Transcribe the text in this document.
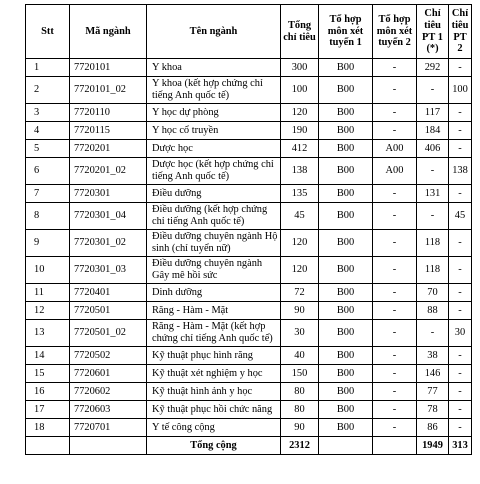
Stt	Mã ngành	Tên ngành	Tổng chỉ tiêu	Tổ hợp môn xét tuyển 1	Tổ hợp môn xét tuyển 2	Chỉ tiêu PT 1 (*)	Chỉ tiêu PT 2
1	7720101	Y khoa	300	B00	-	292	-
2	7720101_02	Y khoa (kết hợp chứng chỉ tiếng Anh quốc tế)	100	B00	-	-	100
3	7720110	Y học dự phòng	120	B00	-	117	-
4	7720115	Y học cổ truyền	190	B00	-	184	-
5	7720201	Dược học	412	B00	A00	406	-
6	7720201_02	Dược học (kết hợp chứng chỉ tiếng Anh quốc tế)	138	B00	A00	-	138
7	7720301	Điều dưỡng	135	B00	-	131	-
8	7720301_04	Điều dưỡng (kết hợp chứng chỉ tiếng Anh quốc tế)	45	B00	-	-	45
9	7720301_02	Điều dưỡng chuyên ngành Hộ sinh (chỉ tuyển nữ)	120	B00	-	118	-
10	7720301_03	Điều dưỡng chuyên ngành Gây mê hồi sức	120	B00	-	118	-
11	7720401	Dinh dưỡng	72	B00	-	70	-
12	7720501	Răng - Hàm - Mặt	90	B00	-	88	-
13	7720501_02	Răng - Hàm - Mặt (kết hợp chứng chỉ tiếng Anh quốc tế)	30	B00	-	-	30
14	7720502	Kỹ thuật phục hình răng	40	B00	-	38	-
15	7720601	Kỹ thuật xét nghiệm y học	150	B00	-	146	-
16	7720602	Kỹ thuật hình ảnh y học	80	B00	-	77	-
17	7720603	Kỹ thuật phục hồi chức năng	80	B00	-	78	-
18	7720701	Y tế công cộng	90	B00	-	86	-
		Tổng cộng	2312			1949	313
